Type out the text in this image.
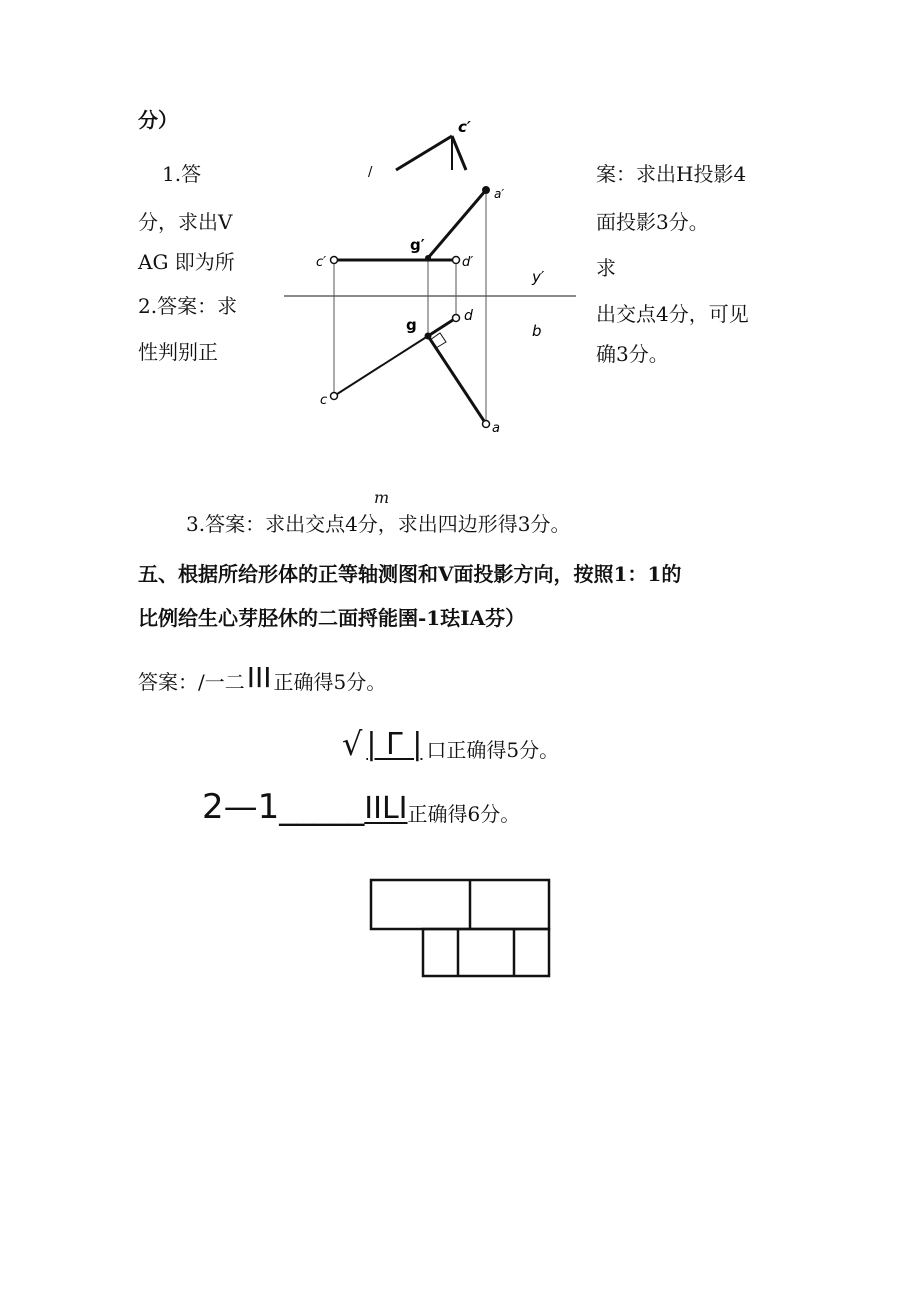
分）
1.答
分，求出V
AG 即为所
2.答案：求
性判别正
案：求出H投影4
面投影3分。
求
出交点4分，可见
确3分。
c′
/
a′
g′
c′	d′
y′
g	d
b
c
a
m
3.答案：求出交点4分，求出四边形得3分。
五、根据所给形体的正等轴测图和V面投影方向，按照1：1的
比例给生心芽胫休的二面捋能圉-1珐IA芬）
答案：/一二 III 正确得5分。
√ | Γ | 口正确得5分。
2—1 _____ IILI 正确得6分。
